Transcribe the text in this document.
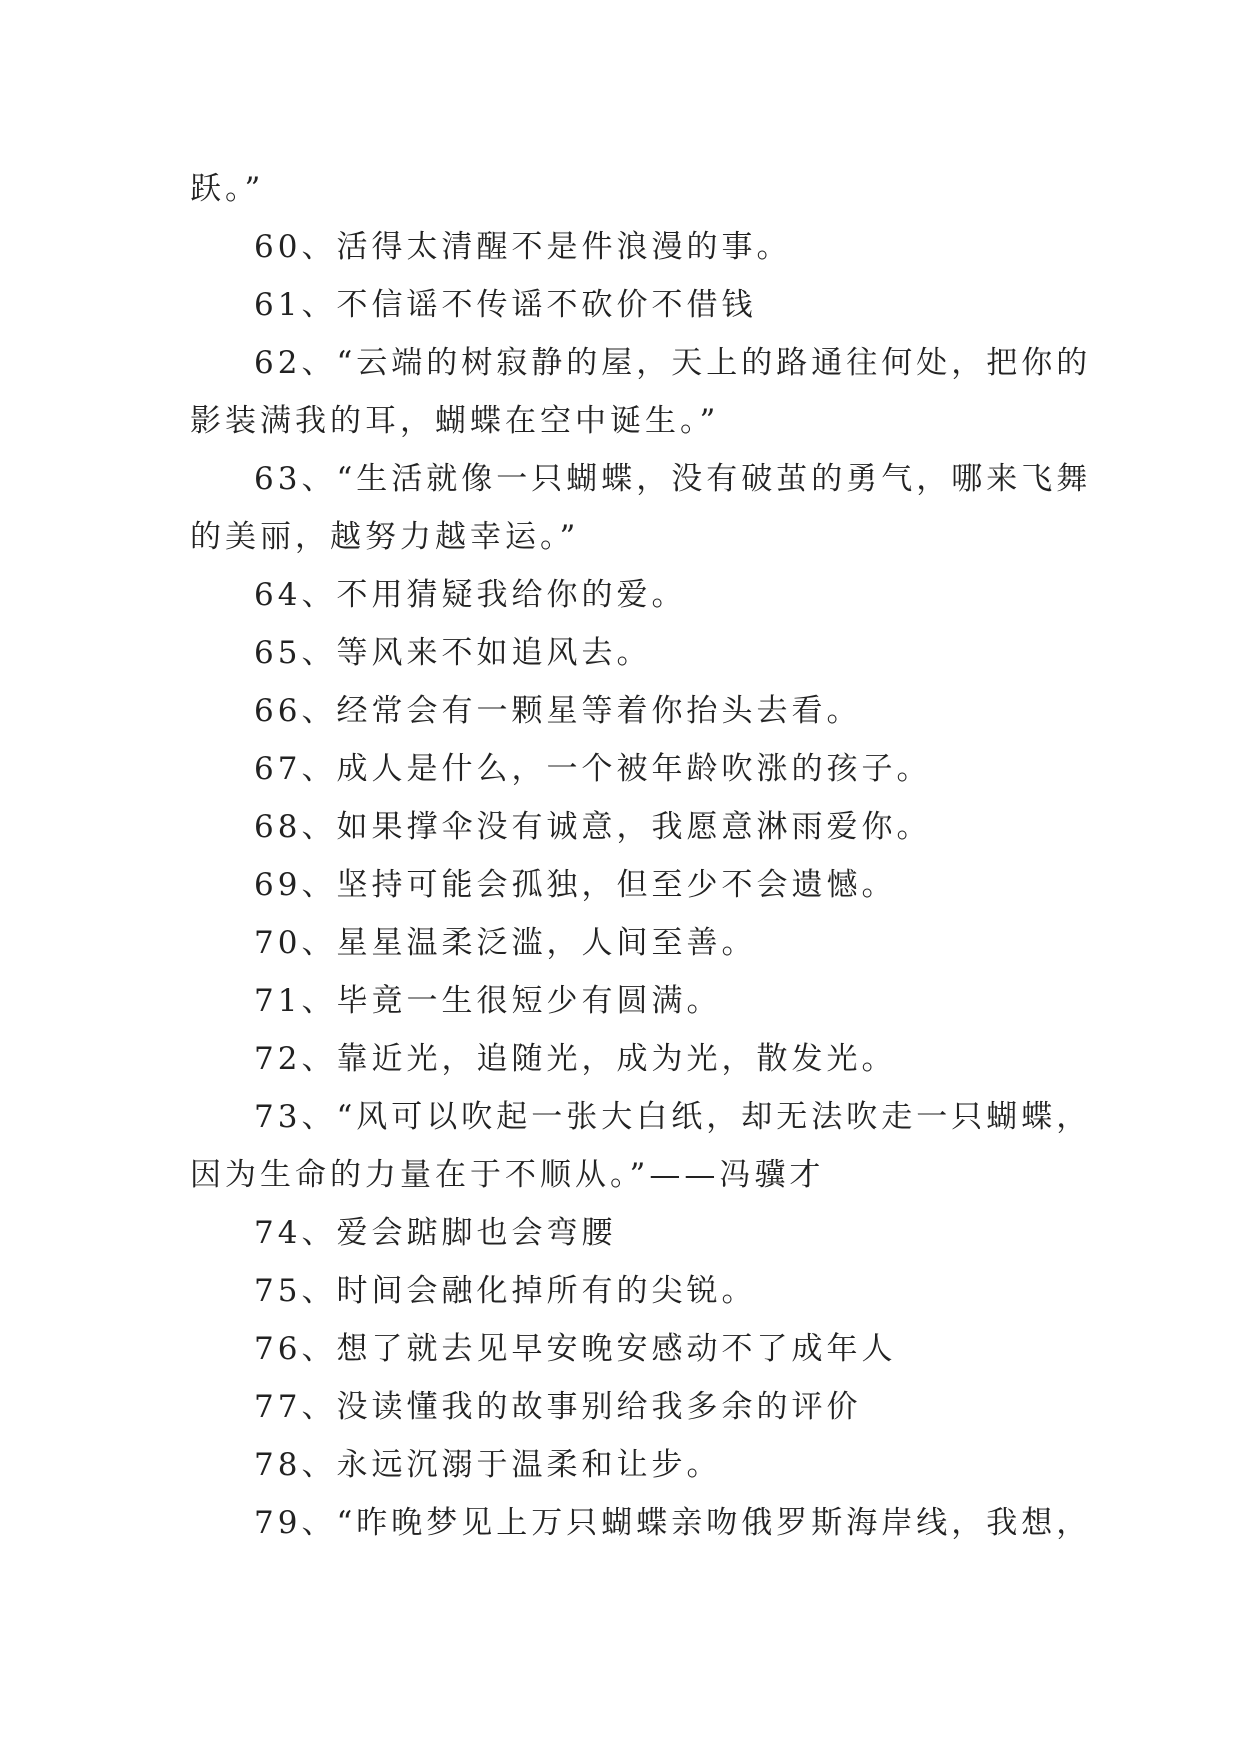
跃。”

60、活得太清醒不是件浪漫的事。

61、不信谣不传谣不砍价不借钱

62、“云端的树寂静的屋，天上的路通往何处，把你的

影装满我的耳，蝴蝶在空中诞生。”

63、“生活就像一只蝴蝶，没有破茧的勇气，哪来飞舞

的美丽，越努力越幸运。”

64、不用猜疑我给你的爱。

65、等风来不如追风去。

66、经常会有一颗星等着你抬头去看。

67、成人是什么，一个被年龄吹涨的孩子。

68、如果撑伞没有诚意，我愿意淋雨爱你。

69、坚持可能会孤独，但至少不会遗憾。

70、星星温柔泛滥，人间至善。

71、毕竟一生很短少有圆满。

72、靠近光，追随光，成为光，散发光。

73、“风可以吹起一张大白纸，却无法吹走一只蝴蝶，

因为生命的力量在于不顺从。”——冯骥才

74、爱会踮脚也会弯腰

75、时间会融化掉所有的尖锐。

76、想了就去见早安晚安感动不了成年人

77、没读懂我的故事别给我多余的评价

78、永远沉溺于温柔和让步。

79、“昨晚梦见上万只蝴蝶亲吻俄罗斯海岸线，我想，
